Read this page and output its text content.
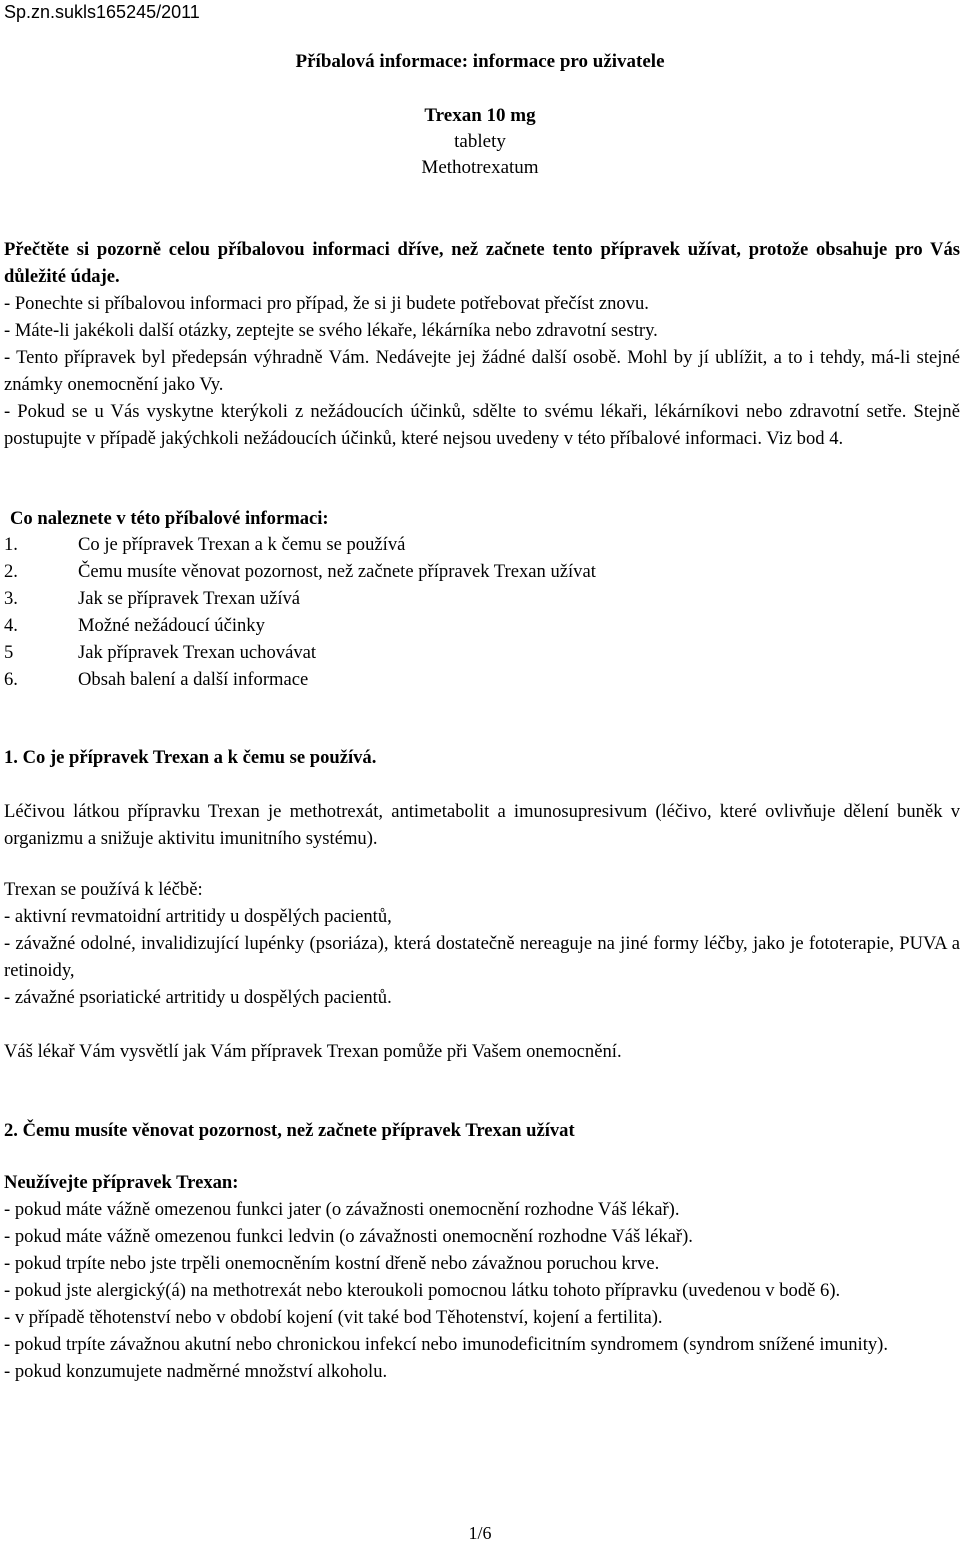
Sp.zn.sukls165245/2011
Příbalová informace: informace pro uživatele
Trexan 10 mg
tablety
Methotrexatum
Přečtěte si pozorně celou příbalovou informaci dříve, než začnete tento přípravek užívat, protože obsahuje pro Vás důležité údaje.
- Ponechte si příbalovou informaci pro případ, že si ji budete potřebovat přečíst znovu.
- Máte-li jakékoli další otázky, zeptejte se svého lékaře, lékárníka nebo zdravotní sestry.
- Tento přípravek byl předepsán výhradně Vám. Nedávejte jej žádné další osobě. Mohl by jí ublížit, a to i tehdy, má-li stejné známky onemocnění jako Vy.
- Pokud se u Vás vyskytne kterýkoli z nežádoucích účinků, sdělte to svému lékaři, lékárníkovi nebo zdravotní setře. Stejně postupujte v případě jakýchkoli nežádoucích účinků, které nejsou uvedeny v této příbalové informaci. Viz bod 4.
Co naleznete v této příbalové informaci:
1.	Co je přípravek Trexan a k čemu se používá
2.	Čemu musíte věnovat pozornost, než začnete přípravek Trexan užívat
3.	Jak se přípravek Trexan užívá
4.	Možné nežádoucí účinky
5	Jak přípravek Trexan uchovávat
6.	Obsah balení a další informace
1. Co je přípravek Trexan a k čemu se používá.
Léčivou látkou přípravku Trexan je methotrexát, antimetabolit a imunosupresivum (léčivo, které ovlivňuje dělení buněk v organizmu a snižuje aktivitu imunitního systému).
Trexan se používá k léčbě:
- aktivní revmatoidní artritidy u dospělých pacientů,
- závažné odolné, invalidizující lupénky (psoriáza), která dostatečně nereaguje na jiné formy léčby, jako je fototerapie, PUVA a retinoidy,
- závažné psoriatické artritidy u dospělých pacientů.
Váš lékař Vám vysvětlí jak Vám přípravek Trexan pomůže při Vašem onemocnění.
2. Čemu musíte věnovat pozornost, než začnete přípravek Trexan užívat
Neužívejte přípravek Trexan:
- pokud máte vážně omezenou funkci jater (o závažnosti onemocnění rozhodne Váš lékař).
- pokud máte vážně omezenou funkci ledvin (o závažnosti onemocnění rozhodne Váš lékař).
- pokud trpíte nebo jste trpěli onemocněním kostní dřeně nebo závažnou poruchou krve.
- pokud jste alergický(á) na methotrexát nebo kteroukoli pomocnou látku tohoto přípravku (uvedenou v bodě 6).
- v případě těhotenství nebo v období kojení (vit také bod Těhotenství, kojení a fertilita).
- pokud trpíte závažnou akutní nebo chronickou infekcí nebo imunodeficitním syndromem (syndrom snížené imunity).
- pokud konzumujete nadměrné množství alkoholu.
1/6
